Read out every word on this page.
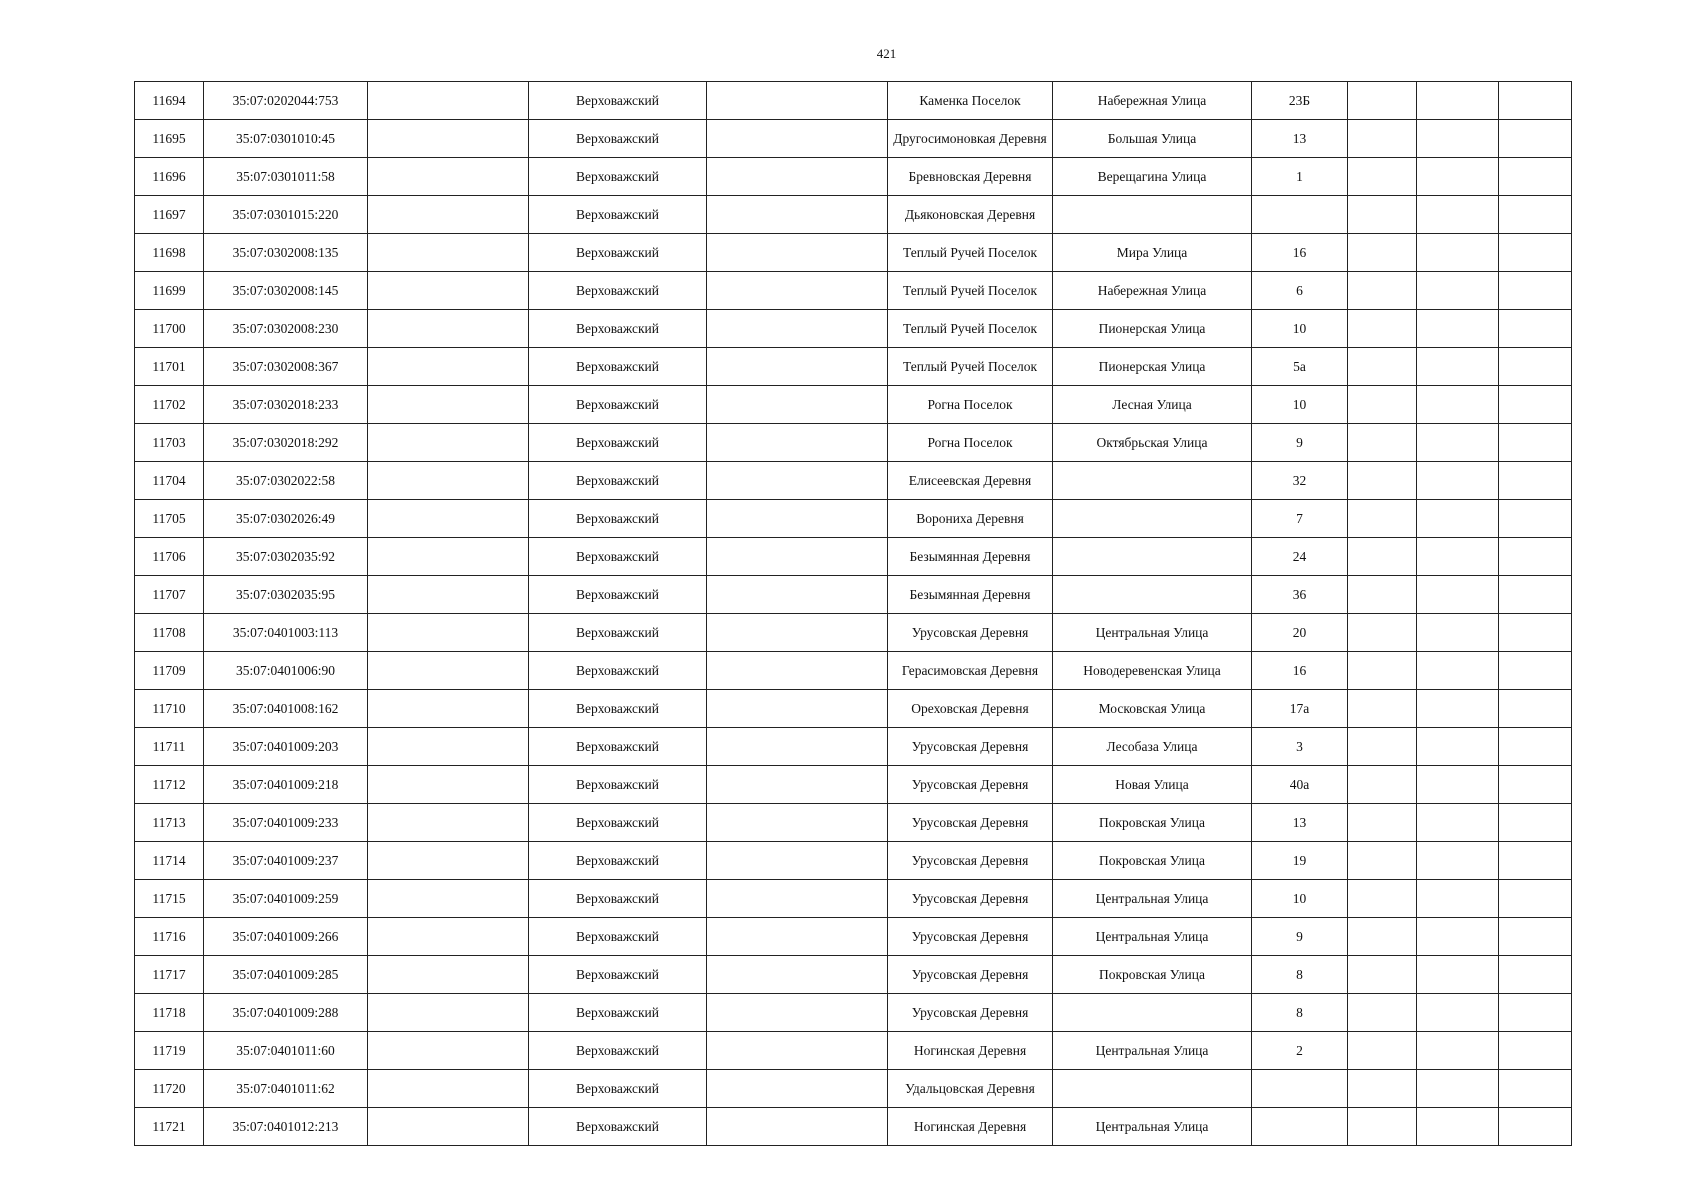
421
11694	35:07:0202044:753		Верховажский		Каменка Поселок	Набережная Улица	23Б			
11695	35:07:0301010:45		Верховажский		Другосимоновкая Деревня	Большая Улица	13			
11696	35:07:0301011:58		Верховажский		Бревновская Деревня	Верещагина Улица	1			
11697	35:07:0301015:220		Верховажский		Дьяконовская Деревня					
11698	35:07:0302008:135		Верховажский		Теплый Ручей Поселок	Мира Улица	16			
11699	35:07:0302008:145		Верховажский		Теплый Ручей Поселок	Набережная Улица	6			
11700	35:07:0302008:230		Верховажский		Теплый Ручей Поселок	Пионерская Улица	10			
11701	35:07:0302008:367		Верховажский		Теплый Ручей Поселок	Пионерская Улица	5а			
11702	35:07:0302018:233		Верховажский		Рогна Поселок	Лесная Улица	10			
11703	35:07:0302018:292		Верховажский		Рогна Поселок	Октябрьская Улица	9			
11704	35:07:0302022:58		Верховажский		Елисеевская Деревня		32			
11705	35:07:0302026:49		Верховажский		Ворониха Деревня		7			
11706	35:07:0302035:92		Верховажский		Безымянная Деревня		24			
11707	35:07:0302035:95		Верховажский		Безымянная Деревня		36			
11708	35:07:0401003:113		Верховажский		Урусовская Деревня	Центральная Улица	20			
11709	35:07:0401006:90		Верховажский		Герасимовская Деревня	Новодеревенская Улица	16			
11710	35:07:0401008:162		Верховажский		Ореховская Деревня	Московская Улица	17а			
11711	35:07:0401009:203		Верховажский		Урусовская Деревня	Лесобаза Улица	3			
11712	35:07:0401009:218		Верховажский		Урусовская Деревня	Новая Улица	40а			
11713	35:07:0401009:233		Верховажский		Урусовская Деревня	Покровская Улица	13			
11714	35:07:0401009:237		Верховажский		Урусовская Деревня	Покровская Улица	19			
11715	35:07:0401009:259		Верховажский		Урусовская Деревня	Центральная Улица	10			
11716	35:07:0401009:266		Верховажский		Урусовская Деревня	Центральная Улица	9			
11717	35:07:0401009:285		Верховажский		Урусовская Деревня	Покровская Улица	8			
11718	35:07:0401009:288		Верховажский		Урусовская Деревня		8			
11719	35:07:0401011:60		Верховажский		Ногинская Деревня	Центральная Улица	2			
11720	35:07:0401011:62		Верховажский		Удальцовская Деревня					
11721	35:07:0401012:213		Верховажский		Ногинская Деревня	Центральная Улица				
